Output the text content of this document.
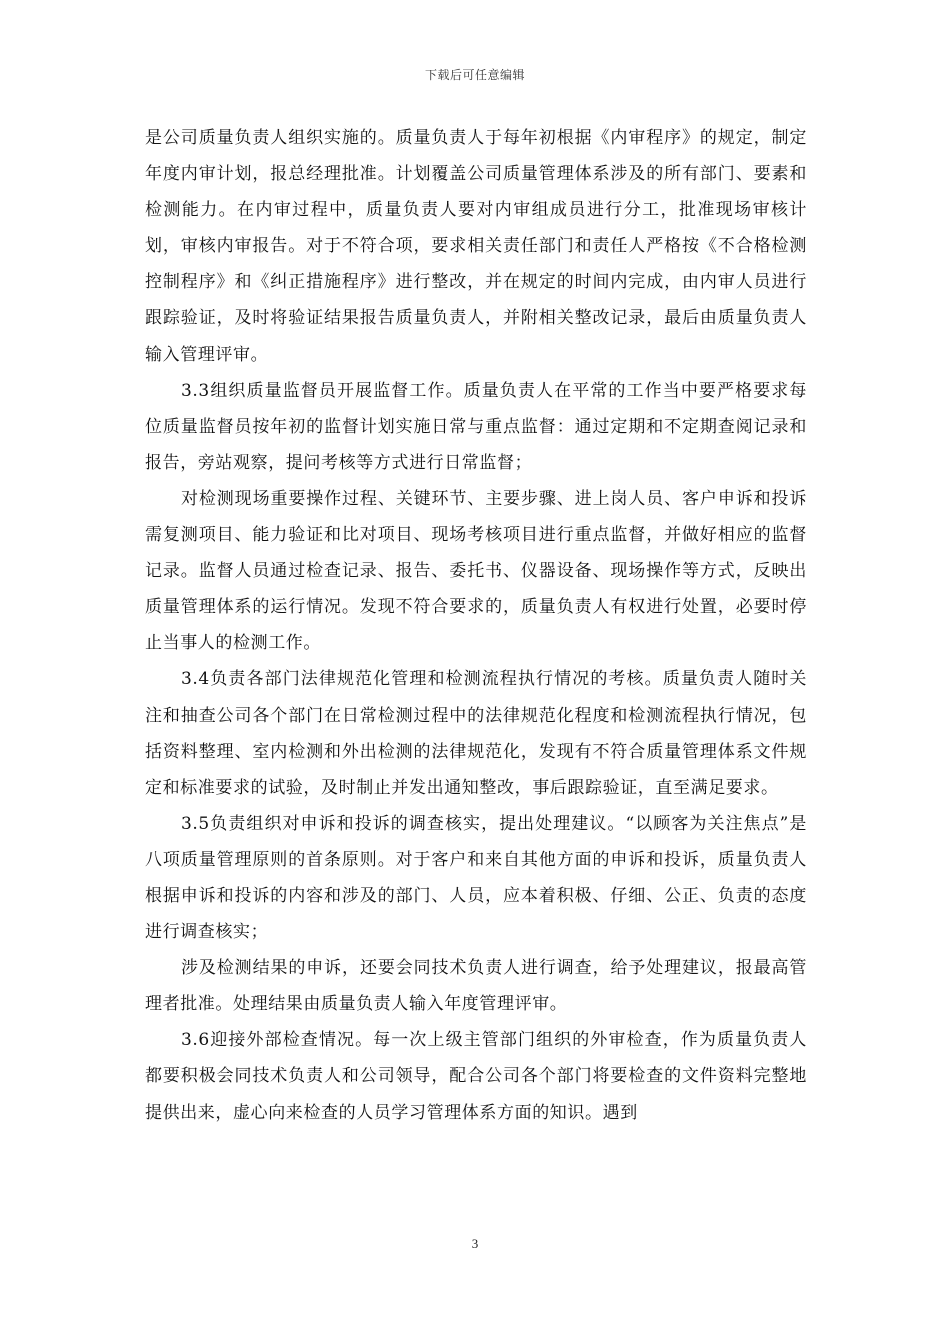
下载后可任意编辑

是公司质量负责人组织实施的。质量负责人于每年初根据《内审程序》的规定，制定年度内审计划，报总经理批准。计划覆盖公司质量管理体系涉及的所有部门、要素和检测能力。在内审过程中，质量负责人要对内审组成员进行分工，批准现场审核计划，审核内审报告。对于不符合项，要求相关责任部门和责任人严格按《不合格检测控制程序》和《纠正措施程序》进行整改，并在规定的时间内完成，由内审人员进行跟踪验证，及时将验证结果报告质量负责人，并附相关整改记录，最后由质量负责人输入管理评审。

3.3组织质量监督员开展监督工作。质量负责人在平常的工作当中要严格要求每位质量监督员按年初的监督计划实施日常与重点监督：通过定期和不定期查阅记录和报告，旁站观察，提问考核等方式进行日常监督；

对检测现场重要操作过程、关键环节、主要步骤、进上岗人员、客户申诉和投诉需复测项目、能力验证和比对项目、现场考核项目进行重点监督，并做好相应的监督记录。监督人员通过检查记录、报告、委托书、仪器设备、现场操作等方式，反映出质量管理体系的运行情况。发现不符合要求的，质量负责人有权进行处置，必要时停止当事人的检测工作。

3.4负责各部门法律规范化管理和检测流程执行情况的考核。质量负责人随时关注和抽查公司各个部门在日常检测过程中的法律规范化程度和检测流程执行情况，包括资料整理、室内检测和外出检测的法律规范化，发现有不符合质量管理体系文件规定和标准要求的试验，及时制止并发出通知整改，事后跟踪验证，直至满足要求。

3.5负责组织对申诉和投诉的调查核实，提出处理建议。“以顾客为关注焦点”是八项质量管理原则的首条原则。对于客户和来自其他方面的申诉和投诉，质量负责人根据申诉和投诉的内容和涉及的部门、人员，应本着积极、仔细、公正、负责的态度进行调查核实；

涉及检测结果的申诉，还要会同技术负责人进行调查，给予处理建议，报最高管理者批准。处理结果由质量负责人输入年度管理评审。

3.6迎接外部检查情况。每一次上级主管部门组织的外审检查，作为质量负责人都要积极会同技术负责人和公司领导，配合公司各个部门将要检查的文件资料完整地提供出来，虚心向来检查的人员学习管理体系方面的知识。遇到

3
